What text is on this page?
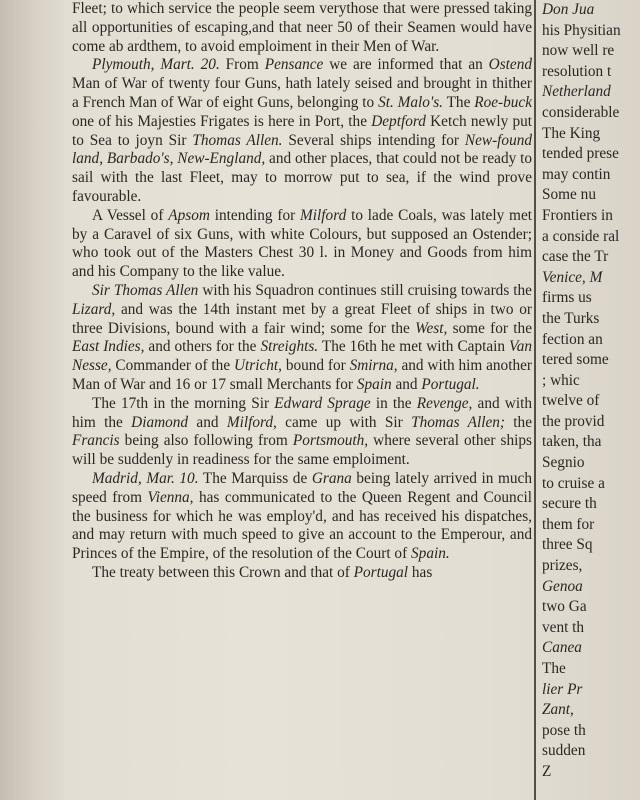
Fleet; to which service the people seem verythose that were pressed taking all opportunities of escaping,and that neer 50 of their Seamen would have come ab ardthem, to avoid emploiment in their Men of War.

Plymouth, Mart. 20. From Pensance we are informed that an Ostend Man of War of twenty four Guns, hath lately seised and brought in thither a French Man of War of eight Guns, belonging to St. Malo's. The Roe-buck one of his Majesties Frigates is here in Port, the Deptford Ketch newly put to Sea to joyn Sir Thomas Allen. Several ships intending for New-found land, Barbado's, New-England, and other places, that could not be ready to sail with the last Fleet, may to morrow put to sea, if the wind prove favourable.

A Vessel of Apsom intending for Milford to lade Coals, was lately met by a Caravel of six Guns, with white Colours, but supposed an Ostender; who took out of the Masters Chest 30 l. in Money and Goods from him and his Company to the like value.

Sir Thomas Allen with his Squadron continues still cruising towards the Lizard, and was the 14th instant met by a great Fleet of ships in two or three Divisions, bound with a fair wind; some for the West, some for the East Indies, and others for the Streights. The 16th he met with Captain Van Nesse, Commander of the Utricht, bound for Smirna, and with him another Man of War and 16 or 17 small Merchants for Spain and Portugal.

The 17th in the morning Sir Edward Sprage in the Revenge, and with him the Diamond and Milford, came up with Sir Thomas Allen; the Francis being also following from Portsmouth, where several other ships will be suddenly in readiness for the same emploiment.

Madrid, Mar. 10. The Marquiss de Grana being lately arrived in much speed from Vienna, has communicated to the Queen Regent and Council the business for which he was employ'd, and has received his dispatches, and may return with much speed to give an account to the Emperour, and Princes of the Empire, of the resolution of the Court of Spain.

The treaty between this Crown and that of Portugal has

Don Jua
his Physitian
now well re
resolution t
Netherland
considerable
The King
tended prese
may contin
Some nu
Frontiers in
a conside ral
case the Tr
Venice, M
firms us
the Turks
fection an
tered some
; whic
twelve of
the provid
taken, tha
Segnio
to cruise a
secure th
them for
three Sq
prizes,
Genoa
two Ga
vent th
Canea
The
lier Pr
Zant,
pose th
sudden
Z
